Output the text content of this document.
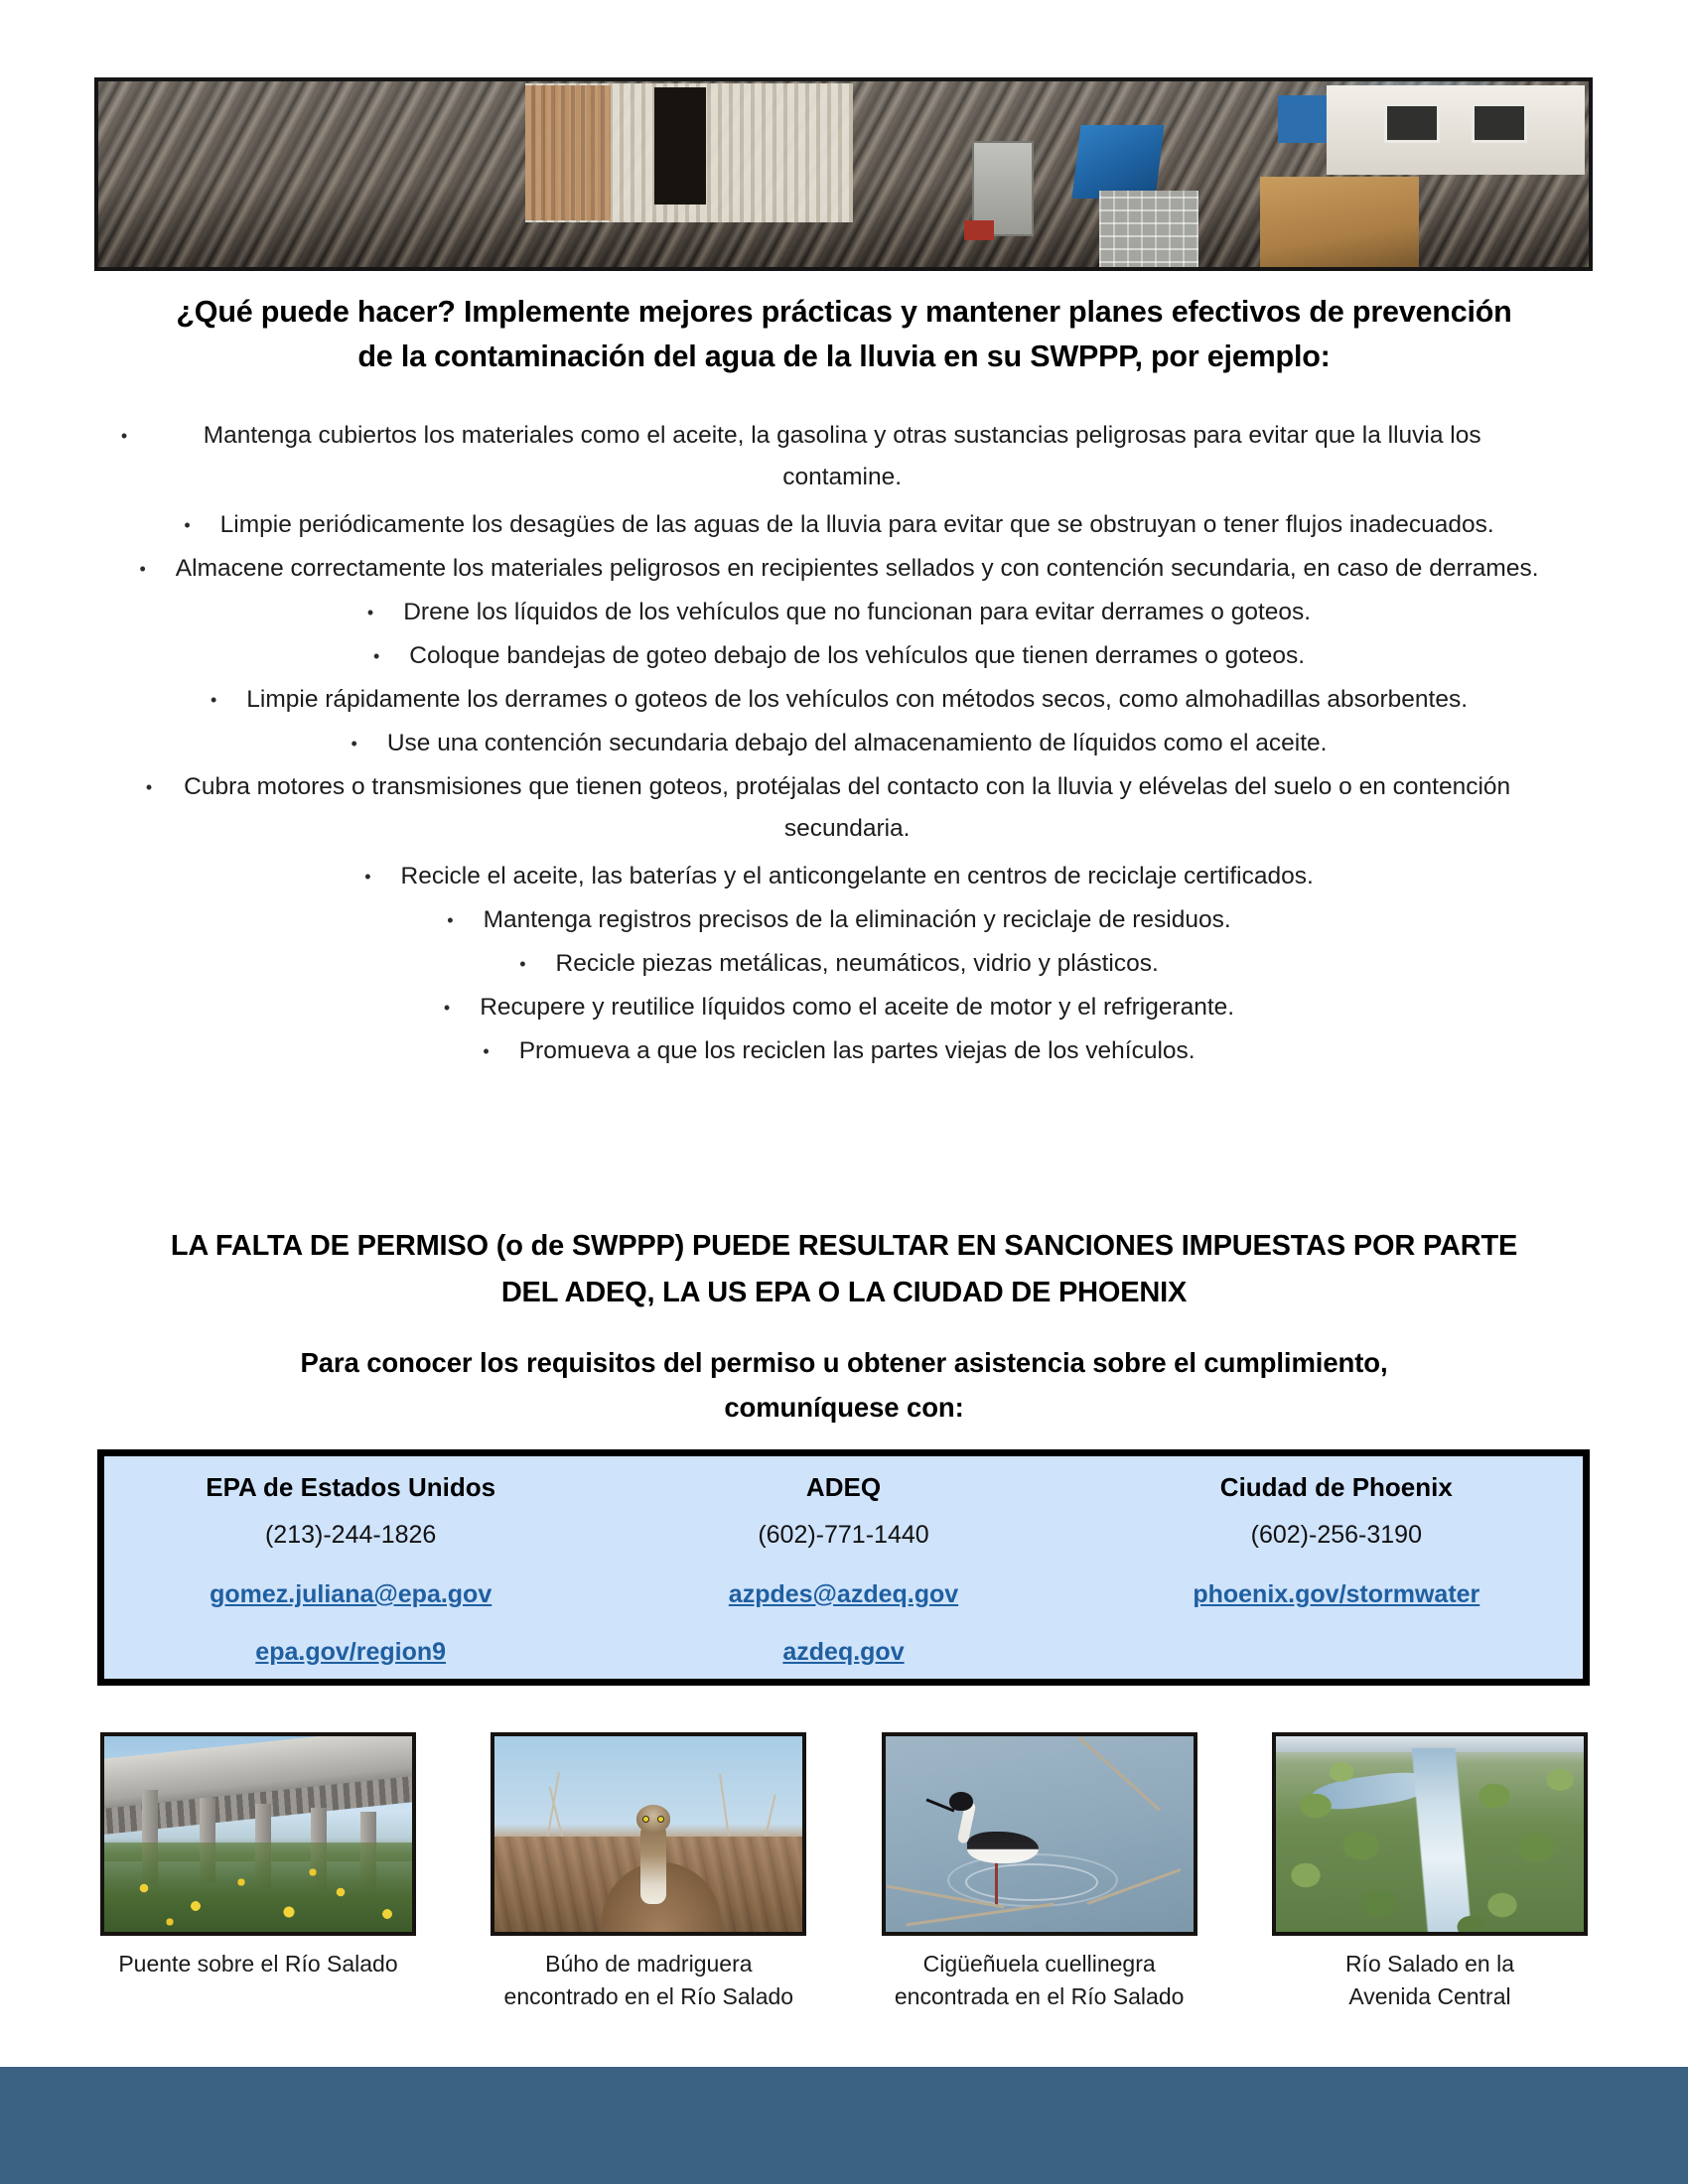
¿Qué puede hacer? Implemente mejores prácticas y mantener planes efectivos de prevención
de la contaminación del agua de la lluvia en su SWPPP, por ejemplo:
•	Mantenga cubiertos los materiales como el aceite, la gasolina y otras sustancias peligrosas para evitar que la lluvia los contamine.
• Limpie periódicamente los desagües de las aguas de la lluvia para evitar que se obstruyan o tener flujos inadecuados.
• Almacene correctamente los materiales peligrosos en recipientes sellados y con contención secundaria, en caso de derrames.
• Drene los líquidos de los vehículos que no funcionan para evitar derrames o goteos.
• Coloque bandejas de goteo debajo de los vehículos que tienen derrames o goteos.
• Limpie rápidamente los derrames o goteos de los vehículos con métodos secos, como almohadillas absorbentes.
• Use una contención secundaria debajo del almacenamiento de líquidos como el aceite.
• Cubra motores o transmisiones que tienen goteos, protéjalas del contacto con la lluvia y elévelas del suelo o en contención secundaria.
• Recicle el aceite, las baterías y el anticongelante en centros de reciclaje certificados.
• Mantenga registros precisos de la eliminación y reciclaje de residuos.
• Recicle piezas metálicas, neumáticos, vidrio y plásticos.
• Recupere y reutilice líquidos como el aceite de motor y el refrigerante.
• Promueva a que los reciclen las partes viejas de los vehículos.
LA FALTA DE PERMISO (o de SWPPP) PUEDE RESULTAR EN SANCIONES IMPUESTAS POR PARTE
DEL ADEQ, LA US EPA O LA CIUDAD DE PHOENIX
Para conocer los requisitos del permiso u obtener asistencia sobre el cumplimiento,
comuníquese con:
EPA de Estados Unidos
(213)-244-1826
gomez.juliana@epa.gov
epa.gov/region9
ADEQ
(602)-771-1440
azpdes@azdeq.gov
azdeq.gov
Ciudad de Phoenix
(602)-256-3190
phoenix.gov/stormwater
Puente sobre el Río Salado	Búho de madriguera
encontrado en el Río Salado
Cigüeñuela cuellinegra
encontrada en el Río Salado
Río Salado en la
Avenida Central
